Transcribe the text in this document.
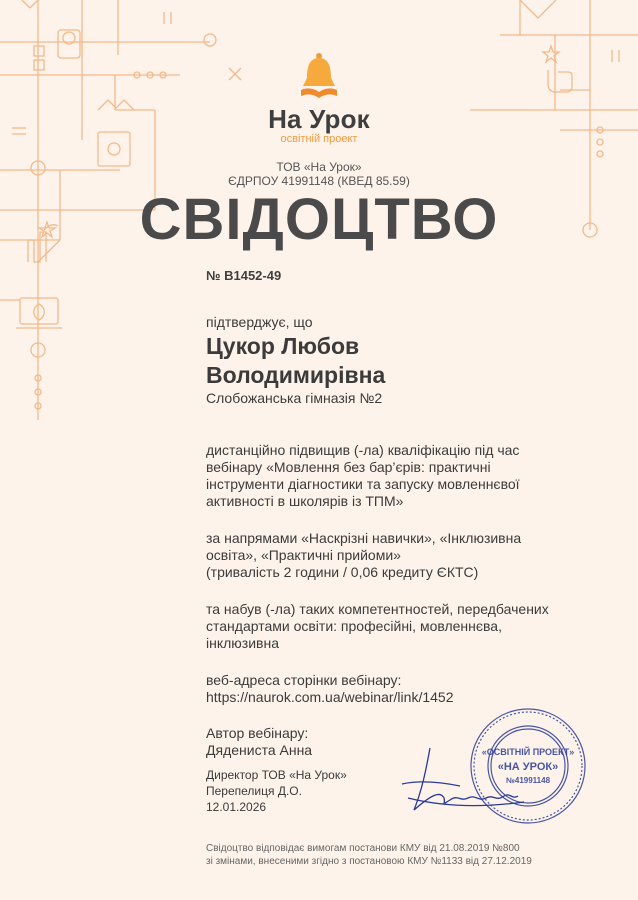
На Урок
освітній проект
ТОВ «На Урок»
ЄДРПОУ 41991148 (КВЕД 85.59)
СВІДОЦТВО
№ B1452-49
підтверджує, що
Цукор Любов
Володимирівна
Слобожанська гімназія №2
дистанційно підвищив (-ла) кваліфікацію під час вебінару «Мовлення без бар’єрів: практичні інструменти діагностики та запуску мовленнєвої активності в школярів із ТПМ»
за напрямами «Наскрізні навички», «Інклюзивна освіта», «Практичні прийоми»
(тривалість 2 години / 0,06 кредиту ЄКТС)
та набув (-ла) таких компетентностей, передбачених стандартами освіти: професійні, мовленнєва, інклюзивна
веб-адреса сторінки вебінару:
https://naurok.com.ua/webinar/link/1452
Автор вебінару:
Дядениста Анна
Директор ТОВ «На Урок»
Перепелиця Д.О.
12.01.2026
«ОСВІТНІЙ ПРОЕКТ»
«НА УРОК»
№41991148
Свідоцтво відповідає вимогам постанови КМУ від 21.08.2019 №800
зі змінами, внесеними згідно з постановою КМУ №1133 від 27.12.2019
